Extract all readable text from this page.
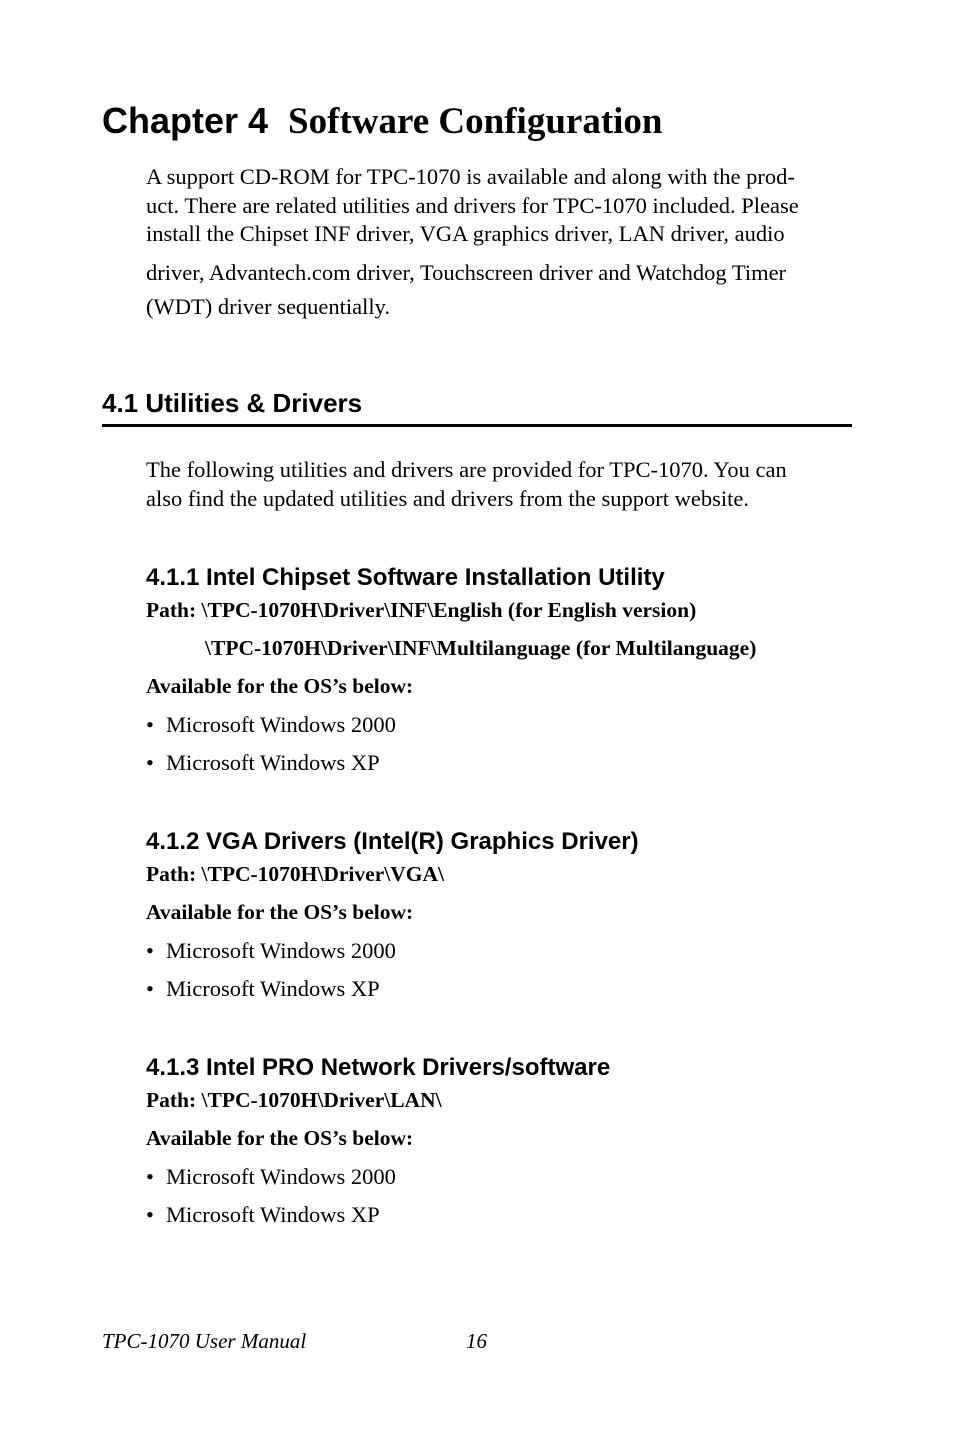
Chapter 4 Software Configuration
A support CD-ROM for TPC-1070 is available and along with the prod-
uct. There are related utilities and drivers for TPC-1070 included. Please
install the Chipset INF driver, VGA graphics driver, LAN driver, audio
driver, Advantech.com driver, Touchscreen driver and Watchdog Timer
(WDT) driver sequentially.
4.1 Utilities & Drivers
The following utilities and drivers are provided for TPC-1070. You can
also find the updated utilities and drivers from the support website.
4.1.1 Intel Chipset Software Installation Utility
Path: \TPC-1070H\Driver\INF\English (for English version)
\TPC-1070H\Driver\INF\Multilanguage (for Multilanguage)
Available for the OS’s below:
• Microsoft Windows 2000
• Microsoft Windows XP
4.1.2 VGA Drivers (Intel(R) Graphics Driver)
Path: \TPC-1070H\Driver\VGA\
Available for the OS’s below:
• Microsoft Windows 2000
• Microsoft Windows XP
4.1.3 Intel PRO Network Drivers/software
Path: \TPC-1070H\Driver\LAN\
Available for the OS’s below:
• Microsoft Windows 2000
• Microsoft Windows XP
TPC-1070 User Manual	16
